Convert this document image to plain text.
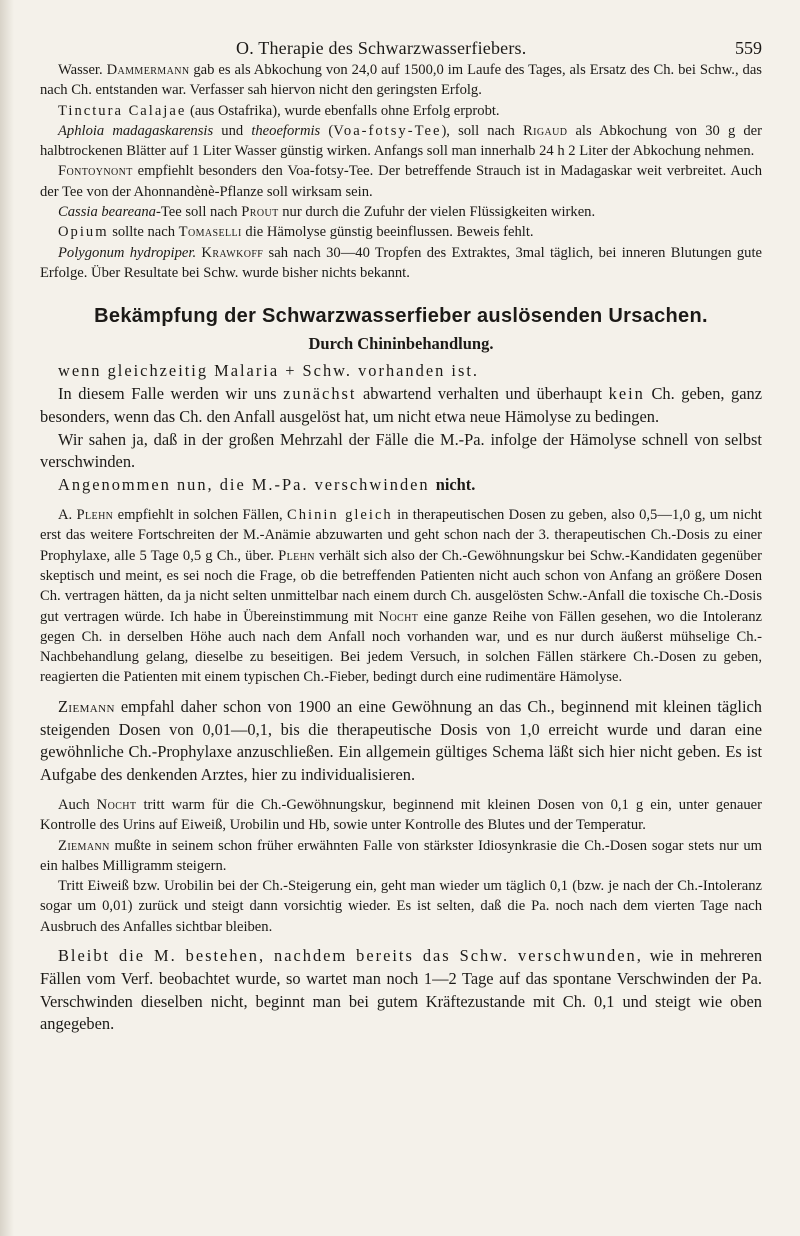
O. Therapie des Schwarzwasserfiebers.	559

Wasser. Dammermann gab es als Abkochung von 24,0 auf 1500,0 im Laufe des Tages, als Ersatz des Ch. bei Schw., das nach Ch. entstanden war. Verfasser sah hiervon nicht den geringsten Erfolg.

Tinctura Calajae (aus Ostafrika), wurde ebenfalls ohne Erfolg erprobt.

Aphloia madagaskarensis und theoeformis (Voa-fotsy-Tee), soll nach Rigaud als Abkochung von 30 g der halbtrockenen Blätter auf 1 Liter Wasser günstig wirken. Anfangs soll man innerhalb 24 h 2 Liter der Abkochung nehmen.

Fontoynont empfiehlt besonders den Voa-fotsy-Tee. Der betreffende Strauch ist in Madagaskar weit verbreitet. Auch der Tee von der Ahonnandènè-Pflanze soll wirksam sein.

Cassia beareana-Tee soll nach Prout nur durch die Zufuhr der vielen Flüssigkeiten wirken.

Opium sollte nach Tomaselli die Hämolyse günstig beeinflussen. Beweis fehlt.

Polygonum hydropiper. Krawkoff sah nach 30—40 Tropfen des Extraktes, 3mal täglich, bei inneren Blutungen gute Erfolge. Über Resultate bei Schw. wurde bisher nichts bekannt.

Bekämpfung der Schwarzwasserfieber auslösenden Ursachen.
Durch Chininbehandlung.

wenn gleichzeitig Malaria + Schw. vorhanden ist.

In diesem Falle werden wir uns zunächst abwartend verhalten und überhaupt kein Ch. geben, ganz besonders, wenn das Ch. den Anfall ausgelöst hat, um nicht etwa neue Hämolyse zu bedingen.

Wir sahen ja, daß in der großen Mehrzahl der Fälle die M.-Pa. infolge der Hämolyse schnell von selbst verschwinden.

Angenommen nun, die M.-Pa. verschwinden nicht.

A. Plehn empfiehlt in solchen Fällen, Chinin gleich in therapeutischen Dosen zu geben, also 0,5—1,0 g, um nicht erst das weitere Fortschreiten der M.-Anämie abzuwarten und geht schon nach der 3. therapeutischen Ch.-Dosis zu einer Prophylaxe, alle 5 Tage 0,5 g Ch., über. Plehn verhält sich also der Ch.-Gewöhnungskur bei Schw.-Kandidaten gegenüber skeptisch und meint, es sei noch die Frage, ob die betreffenden Patienten nicht auch schon von Anfang an größere Dosen Ch. vertragen hätten, da ja nicht selten unmittelbar nach einem durch Ch. ausgelösten Schw.-Anfall die toxische Ch.-Dosis gut vertragen würde. Ich habe in Übereinstimmung mit Nocht eine ganze Reihe von Fällen gesehen, wo die Intoleranz gegen Ch. in derselben Höhe auch nach dem Anfall noch vorhanden war, und es nur durch äußerst mühselige Ch.-Nachbehandlung gelang, dieselbe zu beseitigen. Bei jedem Versuch, in solchen Fällen stärkere Ch.-Dosen zu geben, reagierten die Patienten mit einem typischen Ch.-Fieber, bedingt durch eine rudimentäre Hämolyse.

Ziemann empfahl daher schon von 1900 an eine Gewöhnung an das Ch., beginnend mit kleinen täglich steigenden Dosen von 0,01—0,1, bis die therapeutische Dosis von 1,0 erreicht wurde und daran eine gewöhnliche Ch.-Prophylaxe anzuschließen. Ein allgemein gültiges Schema läßt sich hier nicht geben. Es ist Aufgabe des denkenden Arztes, hier zu individualisieren.

Auch Nocht tritt warm für die Ch.-Gewöhnungskur, beginnend mit kleinen Dosen von 0,1 g ein, unter genauer Kontrolle des Urins auf Eiweiß, Urobilin und Hb, sowie unter Kontrolle des Blutes und der Temperatur.

Ziemann mußte in seinem schon früher erwähnten Falle von stärkster Idiosynkrasie die Ch.-Dosen sogar stets nur um ein halbes Milligramm steigern.

Tritt Eiweiß bzw. Urobilin bei der Ch.-Steigerung ein, geht man wieder um täglich 0,1 (bzw. je nach der Ch.-Intoleranz sogar um 0,01) zurück und steigt dann vorsichtig wieder. Es ist selten, daß die Pa. noch nach dem vierten Tage nach Ausbruch des Anfalles sichtbar bleiben.

Bleibt die M. bestehen, nachdem bereits das Schw. verschwunden, wie in mehreren Fällen vom Verf. beobachtet wurde, so wartet man noch 1—2 Tage auf das spontane Verschwinden der Pa. Verschwinden dieselben nicht, beginnt man bei gutem Kräftezustande mit Ch. 0,1 und steigt wie oben angegeben.
